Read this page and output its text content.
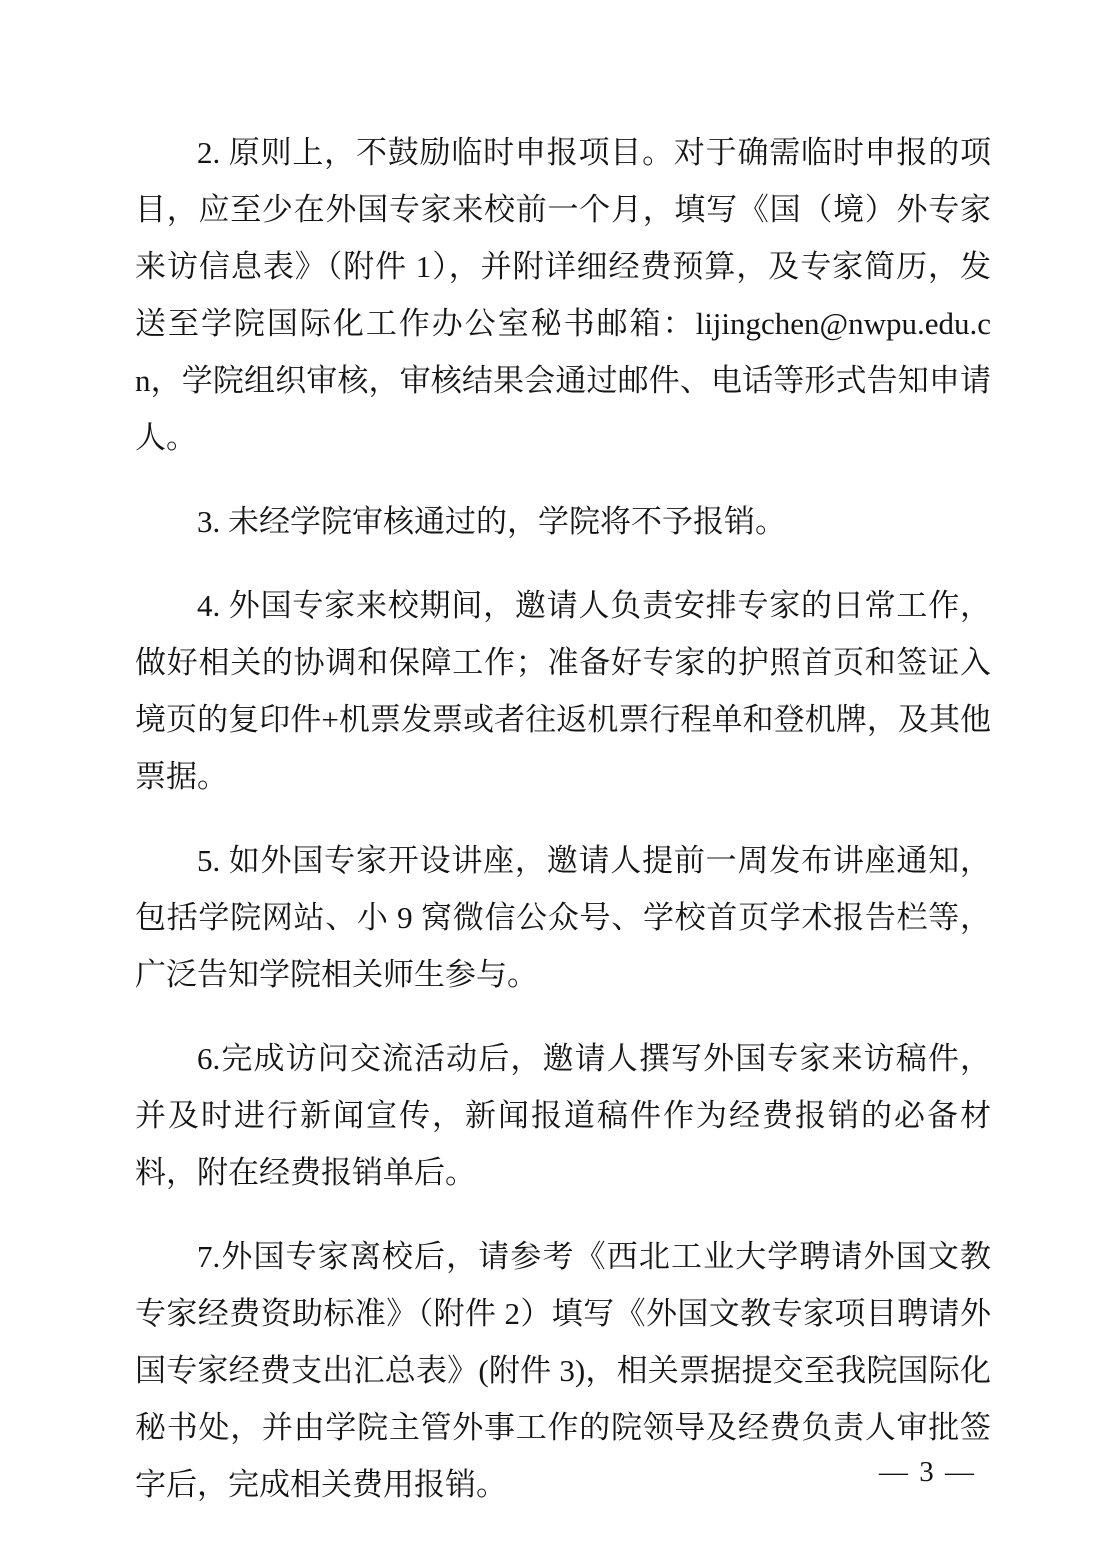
2. 原则上，不鼓励临时申报项目。对于确需临时申报的项目，应至少在外国专家来校前一个月，填写《国（境）外专家来访信息表》（附件 1），并附详细经费预算，及专家简历，发送至学院国际化工作办公室秘书邮箱：lijingchen@nwpu.edu.cn，学院组织审核，审核结果会通过邮件、电话等形式告知申请人。

3. 未经学院审核通过的，学院将不予报销。

4. 外国专家来校期间，邀请人负责安排专家的日常工作，做好相关的协调和保障工作；准备好专家的护照首页和签证入境页的复印件+机票发票或者往返机票行程单和登机牌，及其他票据。

5. 如外国专家开设讲座，邀请人提前一周发布讲座通知，包括学院网站、小 9 窝微信公众号、学校首页学术报告栏等，广泛告知学院相关师生参与。

6.完成访问交流活动后，邀请人撰写外国专家来访稿件，并及时进行新闻宣传，新闻报道稿件作为经费报销的必备材料，附在经费报销单后。

7.外国专家离校后，请参考《西北工业大学聘请外国文教专家经费资助标准》（附件 2）填写《外国文教专家项目聘请外国专家经费支出汇总表》(附件 3)，相关票据提交至我院国际化秘书处，并由学院主管外事工作的院领导及经费负责人审批签字后，完成相关费用报销。	— 3 —
